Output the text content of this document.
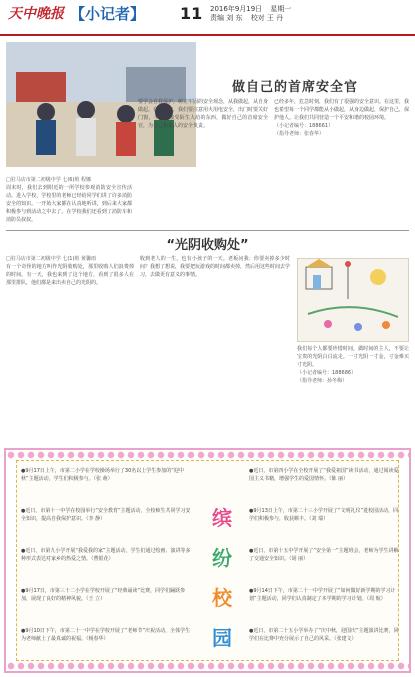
天中晚报 【小记者】 11 2016年9月19日 星期一
责编 刘 东 校对 王 丹
做自己的首席安全官
□驻马店市第二初级中学 七(6)班 程娜
周末时，我们去到附近的一所学校参观消防安全宣传活动。进入学校，学校里的老师已经给同学们讲了许多消防安全的知识。一开始大家都在认真地听讲，到后来大家都积极参与到活动之中去了。在学校我们还看到了消防车和消防员叔叔。
要学会自我保护，树立牢固的安全观念，从我做起，从自身做起。在生活中，我们要注意用火用电安全，出门时要关好门窗，不随意接受陌生人给的东西，做好自己的首席安全官，为自己和家人的安全负责。
已经多年，危急时刻，我们有了很强的安全意识。在这里，我也希望每一个同学都能从小做起，从身边做起，保护自己，保护他人。让我们共同营造一个平安和谐的校园环境。
（小记者编号：188661）
（指导老师：张春华）
“光阴收购处”
□驻马店市第二初级中学 七(1)班 黄馨雨
有一个奇怪的地方叫作光阴收购处，那里收购人们浪费掉的时间。有一天，我也来到了这个地方，看到了很多人在那里排队，他们都是来出卖自己的光阴的。
收到老人的一生，也有小孩子的一天。老板问我：你要卖掉多少时间？我想了想说，我要把玩游戏的时间都卖掉，然后用这些时间去学习，去做更有意义的事情。
我们每个人都要珍惜时间，做时间的主人，不要让宝贵的光阴白白流走。一寸光阴一寸金，寸金难买寸光阴。
（小记者编号：188686）
（指导老师：孙冬梅）
缤
纷
校
园
●9月17日上午，市第二小学在学校操场举行了30名以上学生参加的“迎中秋”主题活动，学生们积极参与。（张 萌）
●近日，市第十一中学在校园举行“安全教育”主题活动，全校师生共同学习安全知识，提高自我保护意识。（李 静）
●近日，市第九小学开展“我爱我的家”主题活动，学生们通过绘画、演讲等多种形式表达对家乡的热爱之情。（曹银花）
●9月17日，市第三十二小学在学校开展了“经典诵读”比赛，同学们踊跃参加，展现了良好的精神风貌。（王 立）
●9月10日下午，市第二十一中学在学校开展了“老师节”庆祝活动，全体学生为老师献上了最真诚的祝福。（杨春华）
●近日，市第四小学在全校开展了“我爱祖国”读书活动，通过阅读爱国主义书籍，增强学生的爱国情怀。（陈 丽）
●9月13日上午，市第二十三小学开展了“文明礼仪”进校园活动，同学们积极参与，收获颇丰。（刘 瑞）
●近日，市第十五中学开展了“安全第一”主题班会，老师为学生讲解了交通安全知识。（胡 丽）
●9月14日下午，市第二十一中学开展了“如何做好新学期的学习计划”主题活动，同学们认真制定了本学期的学习计划。（周 航）
●近日，市第二十五小学举办了“庆中秋，迎国庆”主题演讲比赛，同学们在比赛中充分展示了自己的风采。（张建文）
